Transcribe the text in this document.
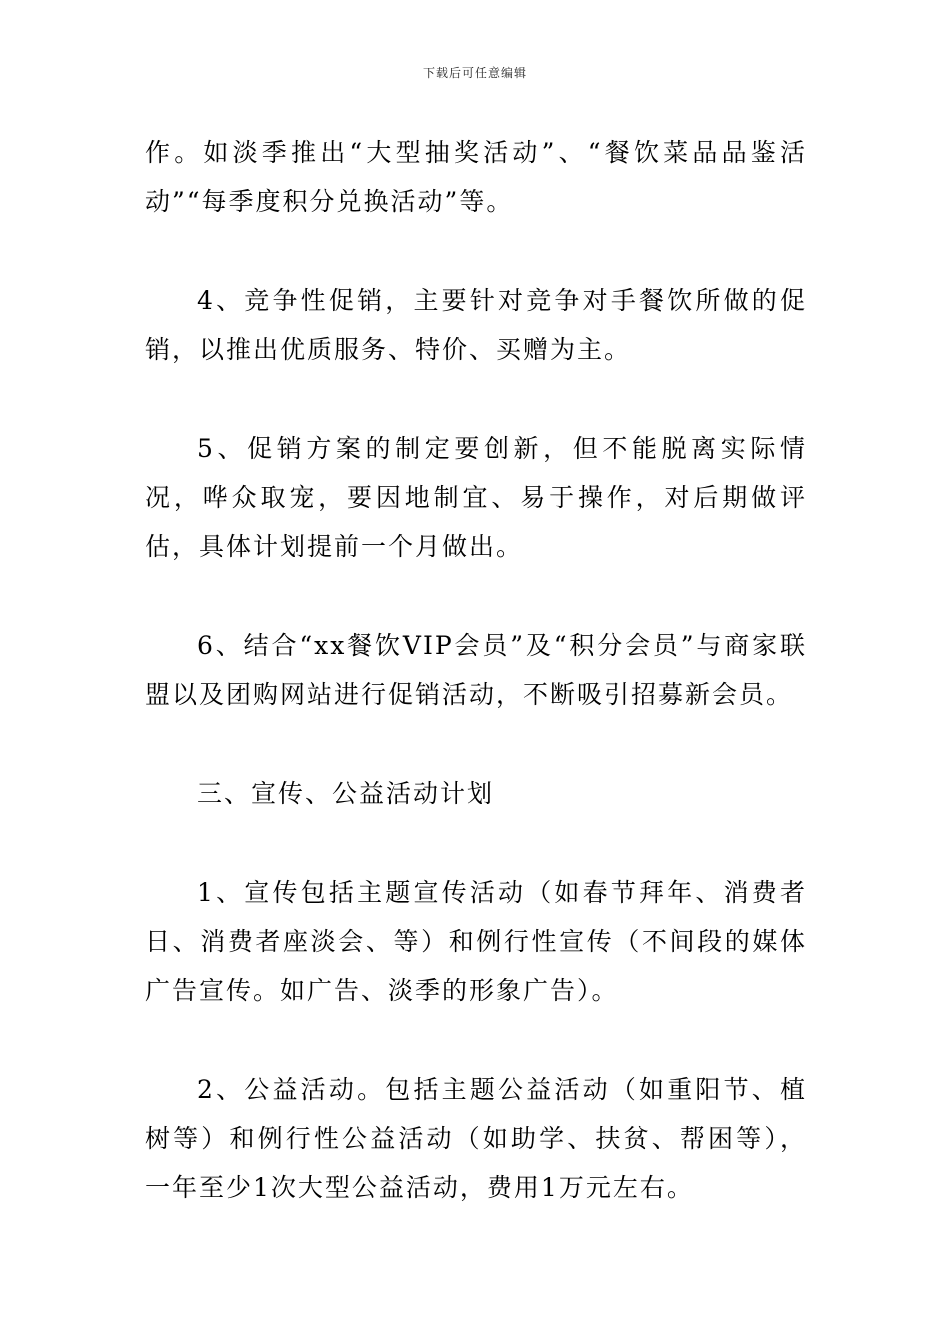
下载后可任意编辑

作。如淡季推出“大型抽奖活动”、“餐饮菜品品鉴活动”“每季度积分兑换活动”等。

4、竞争性促销，主要针对竞争对手餐饮所做的促销，以推出优质服务、特价、买赠为主。

5、促销方案的制定要创新，但不能脱离实际情况，哗众取宠，要因地制宜、易于操作，对后期做评估，具体计划提前一个月做出。

6、结合“xx餐饮VIP会员”及“积分会员”与商家联盟以及团购网站进行促销活动，不断吸引招募新会员。

三、宣传、公益活动计划

1、宣传包括主题宣传活动（如春节拜年、消费者日、消费者座淡会、等）和例行性宣传（不间段的媒体广告宣传。如广告、淡季的形象广告）。

2、公益活动。包括主题公益活动（如重阳节、植树等）和例行性公益活动（如助学、扶贫、帮困等），一年至少1次大型公益活动，费用1万元左右。
